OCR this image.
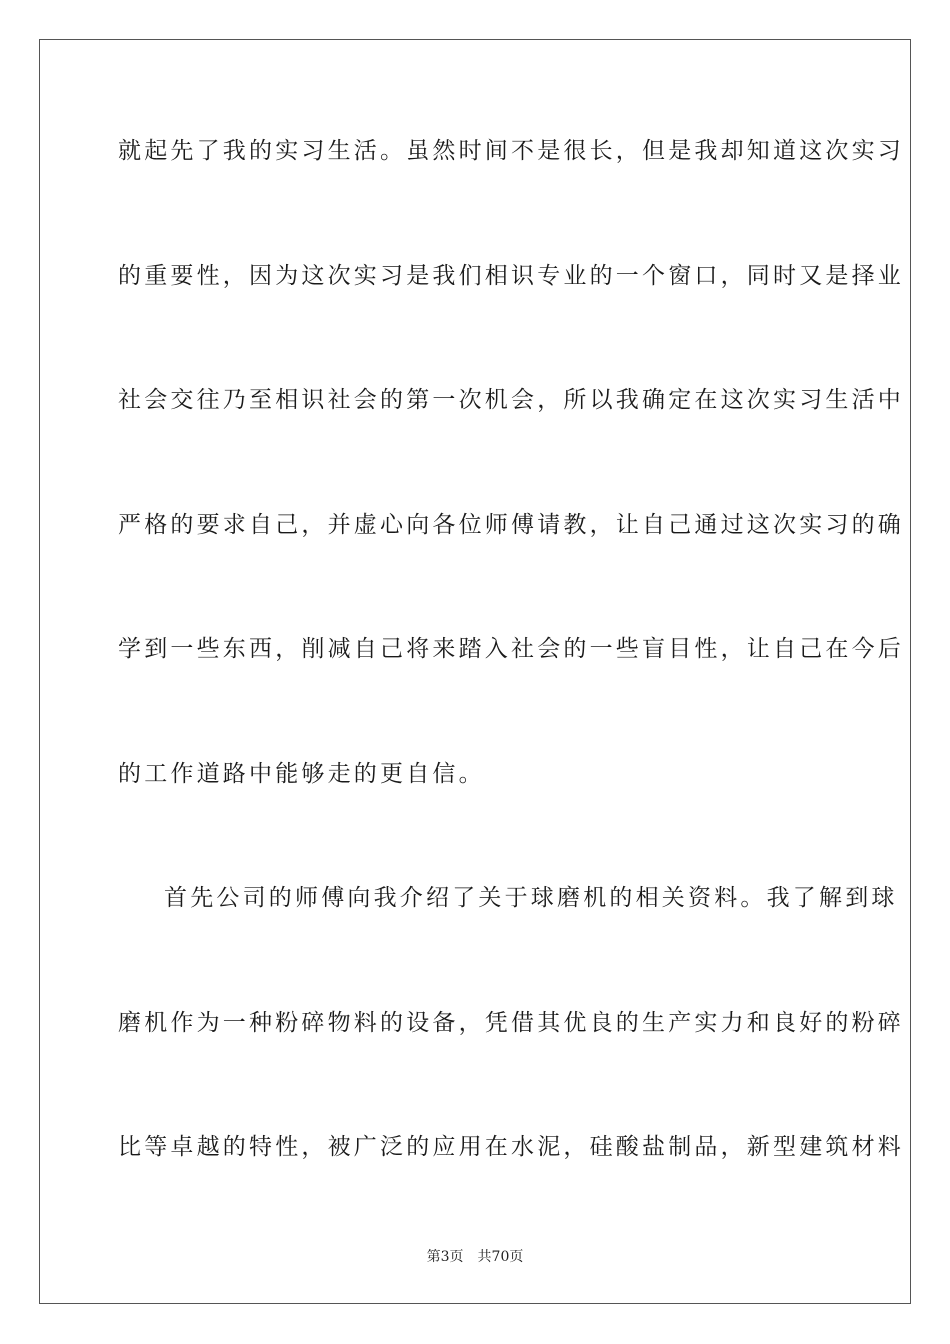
就起先了我的实习生活。虽然时间不是很长，但是我却知道这次实习
的重要性，因为这次实习是我们相识专业的一个窗口，同时又是择业
社会交往乃至相识社会的第一次机会，所以我确定在这次实习生活中
严格的要求自己，并虚心向各位师傅请教，让自己通过这次实习的确
学到一些东西，削减自己将来踏入社会的一些盲目性，让自己在今后
的工作道路中能够走的更自信。
首先公司的师傅向我介绍了关于球磨机的相关资料。我了解到球
磨机作为一种粉碎物料的设备，凭借其优良的生产实力和良好的粉碎
比等卓越的特性，被广泛的应用在水泥，硅酸盐制品，新型建筑材料
第3页 共70页
